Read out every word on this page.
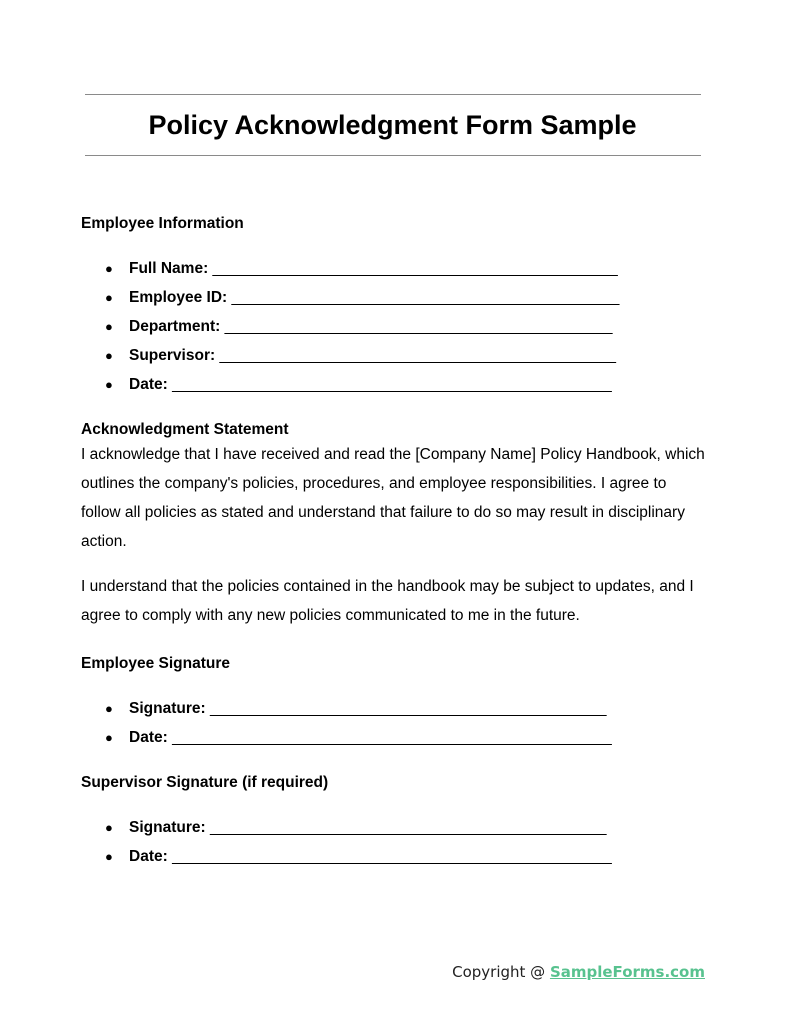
Policy Acknowledgment Form Sample

Employee Information

● Full Name: _______________________________________________
● Employee ID: _____________________________________________
● Department: _____________________________________________
● Supervisor: ______________________________________________
● Date: ___________________________________________________

Acknowledgment Statement

I acknowledge that I have received and read the [Company Name] Policy Handbook, which outlines the company's policies, procedures, and employee responsibilities. I agree to follow all policies as stated and understand that failure to do so may result in disciplinary action.

I understand that the policies contained in the handbook may be subject to updates, and I agree to comply with any new policies communicated to me in the future.

Employee Signature

● Signature: ______________________________________________
● Date: ___________________________________________________

Supervisor Signature (if required)

● Signature: ______________________________________________
● Date: ___________________________________________________
Copyright @ SampleForms.com
